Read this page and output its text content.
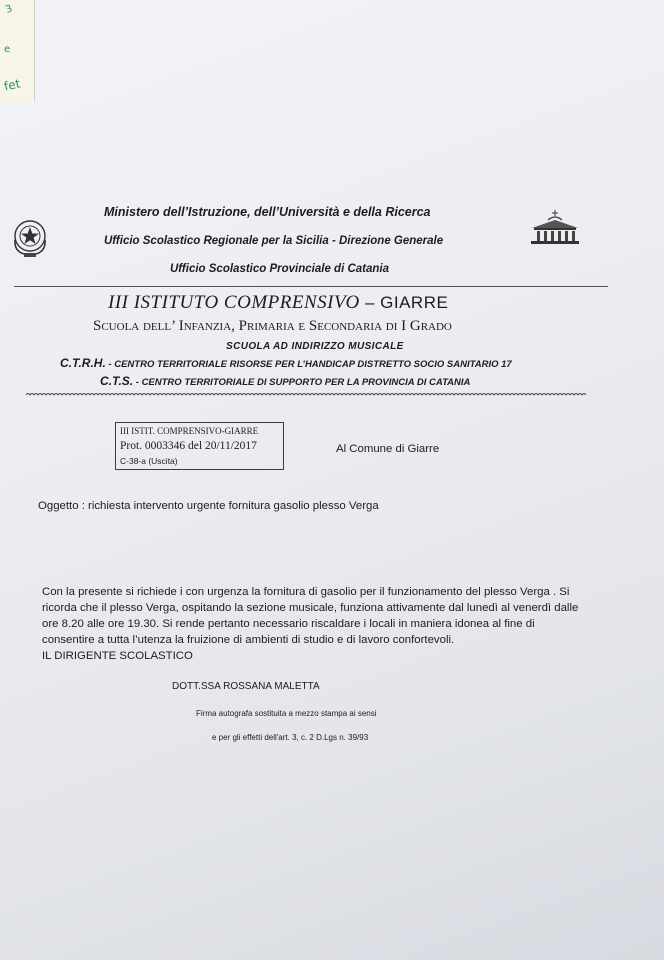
3
e
fet
Ministero dell’Istruzione, dell’Università e della Ricerca
Ufficio Scolastico Regionale per la Sicilia - Direzione Generale
Ufficio Scolastico Provinciale di Catania
III ISTITUTO COMPRENSIVO – GIARRE
Scuola dell’ Infanzia, Primaria e Secondaria di I Grado
SCUOLA AD INDIRIZZO MUSICALE
C.T.R.H. - CENTRO TERRITORIALE RISORSE PER L’HANDICAP DISTRETTO SOCIO SANITARIO 17
C.T.S. - CENTRO TERRITORIALE DI SUPPORTO PER LA PROVINCIA DI CATANIA
III ISTIT. COMPRENSIVO-GIARRE
Prot. 0003346 del 20/11/2017
C-38-a (Uscita)
Al Comune di Giarre
Oggetto : richiesta intervento urgente fornitura gasolio plesso Verga
Con la presente si richiede i con urgenza la fornitura di gasolio per il funzionamento del plesso Verga . Si
ricorda che il plesso Verga, ospitando la sezione musicale, funziona attivamente dal lunedì al venerdì dalle
ore 8.20 alle ore 19.30. Si rende pertanto necessario riscaldare i locali in maniera idonea al fine di
consentire a tutta l’utenza la fruizione di ambienti di studio e di lavoro confortevoli.
IL DIRIGENTE SCOLASTICO
DOTT.SSA ROSSANA MALETTA
Firma autografa sostituita a mezzo stampa ai sensi
e per gli effetti dell'art. 3, c. 2 D.Lgs n. 39/93
